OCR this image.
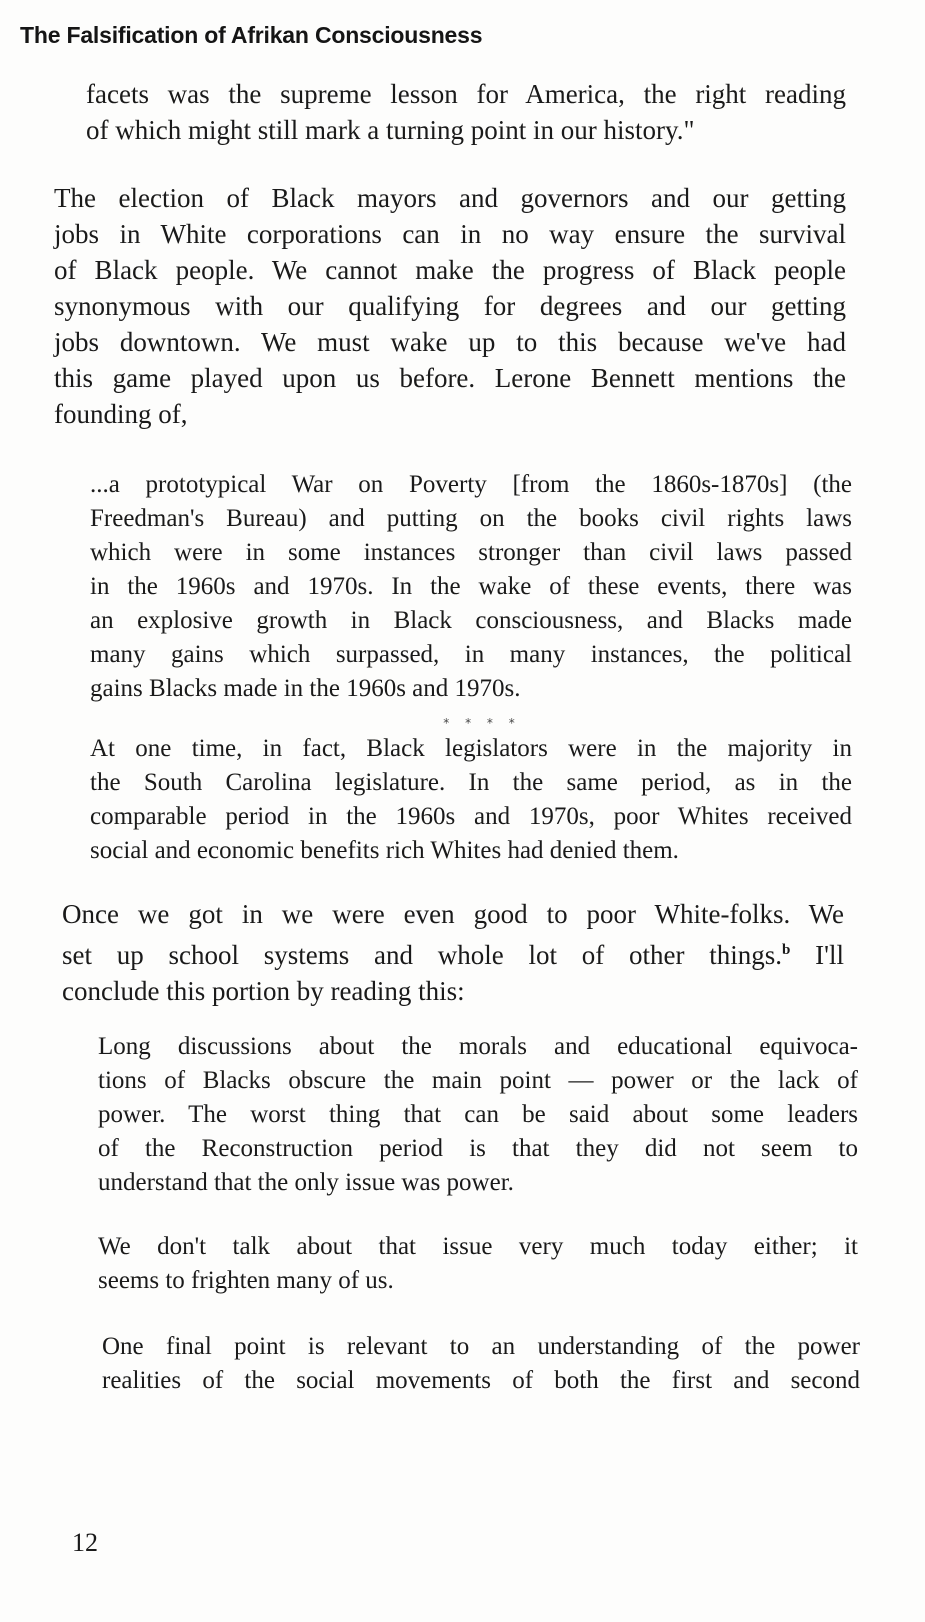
The Falsification of Afrikan Consciousness
facets was the supreme lesson for America, the right reading
of which might still mark a turning point in our history."
The election of Black mayors and governors and our getting
jobs in White corporations can in no way ensure the survival
of Black people. We cannot make the progress of Black people
synonymous with our qualifying for degrees and our getting
jobs downtown. We must wake up to this because we've had
this game played upon us before. Lerone Bennett mentions the
founding of,
...a prototypical War on Poverty [from the 1860s-1870s] (the
Freedman's Bureau) and putting on the books civil rights laws
which were in some instances stronger than civil laws passed
in the 1960s and 1970s. In the wake of these events, there was
an explosive growth in Black consciousness, and Blacks made
many gains which surpassed, in many instances, the political
gains Blacks made in the 1960s and 1970s.
* * * *
At one time, in fact, Black legislators were in the majority in
the South Carolina legislature. In the same period, as in the
comparable period in the 1960s and 1970s, poor Whites received
social and economic benefits rich Whites had denied them.
Once we got in we were even good to poor White-folks. We
set up school systems and whole lot of other things.$^b$ I'll
conclude this portion by reading this:
Long discussions about the morals and educational equivoca-
tions of Blacks obscure the main point — power or the lack of
power. The worst thing that can be said about some leaders
of the Reconstruction period is that they did not seem to
understand that the only issue was power.
We don't talk about that issue very much today either; it
seems to frighten many of us.
One final point is relevant to an understanding of the power
realities of the social movements of both the first and second
12
